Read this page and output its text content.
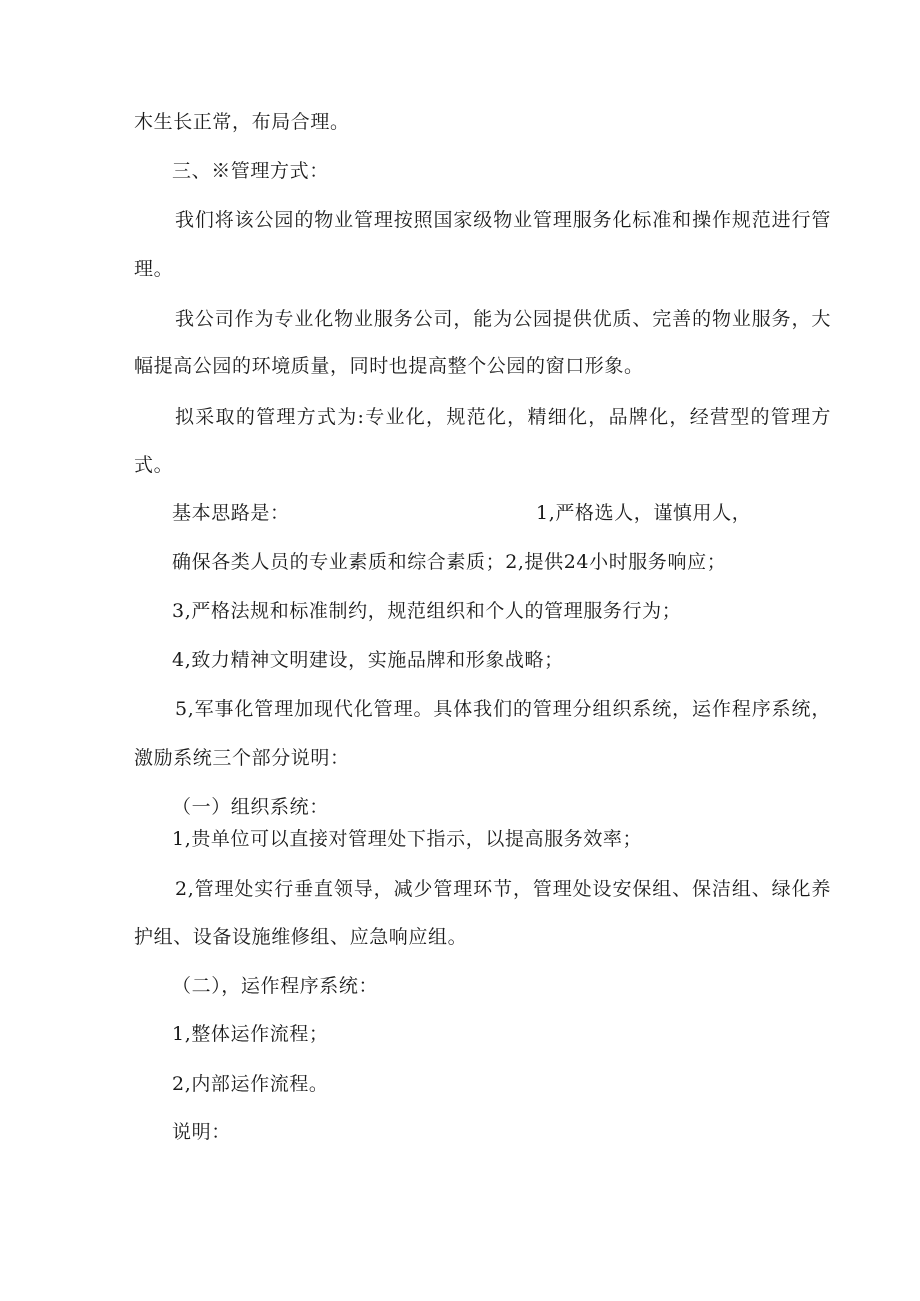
木生长正常，布局合理。
三、※管理方式：
我们将该公园的物业管理按照国家级物业管理服务化标准和操作规范进行管
理。
我公司作为专业化物业服务公司，能为公园提供优质、完善的物业服务，大
幅提高公园的环境质量，同时也提高整个公园的窗口形象。
拟采取的管理方式为:专业化，规范化，精细化，品牌化，经营型的管理方
式。
基本思路是：	1,严格选人，谨慎用人，
确保各类人员的专业素质和综合素质；2,提供24小时服务响应；
3,严格法规和标准制约，规范组织和个人的管理服务行为；
4,致力精神文明建设，实施品牌和形象战略；
5,军事化管理加现代化管理。具体我们的管理分组织系统，运作程序系统，
激励系统三个部分说明：
（一）组织系统：
1,贵单位可以直接对管理处下指示，以提高服务效率；
2,管理处实行垂直领导，减少管理环节，管理处设安保组、保洁组、绿化养
护组、设备设施维修组、应急响应组。
（二），运作程序系统：
1,整体运作流程；
2,内部运作流程。
说明：
